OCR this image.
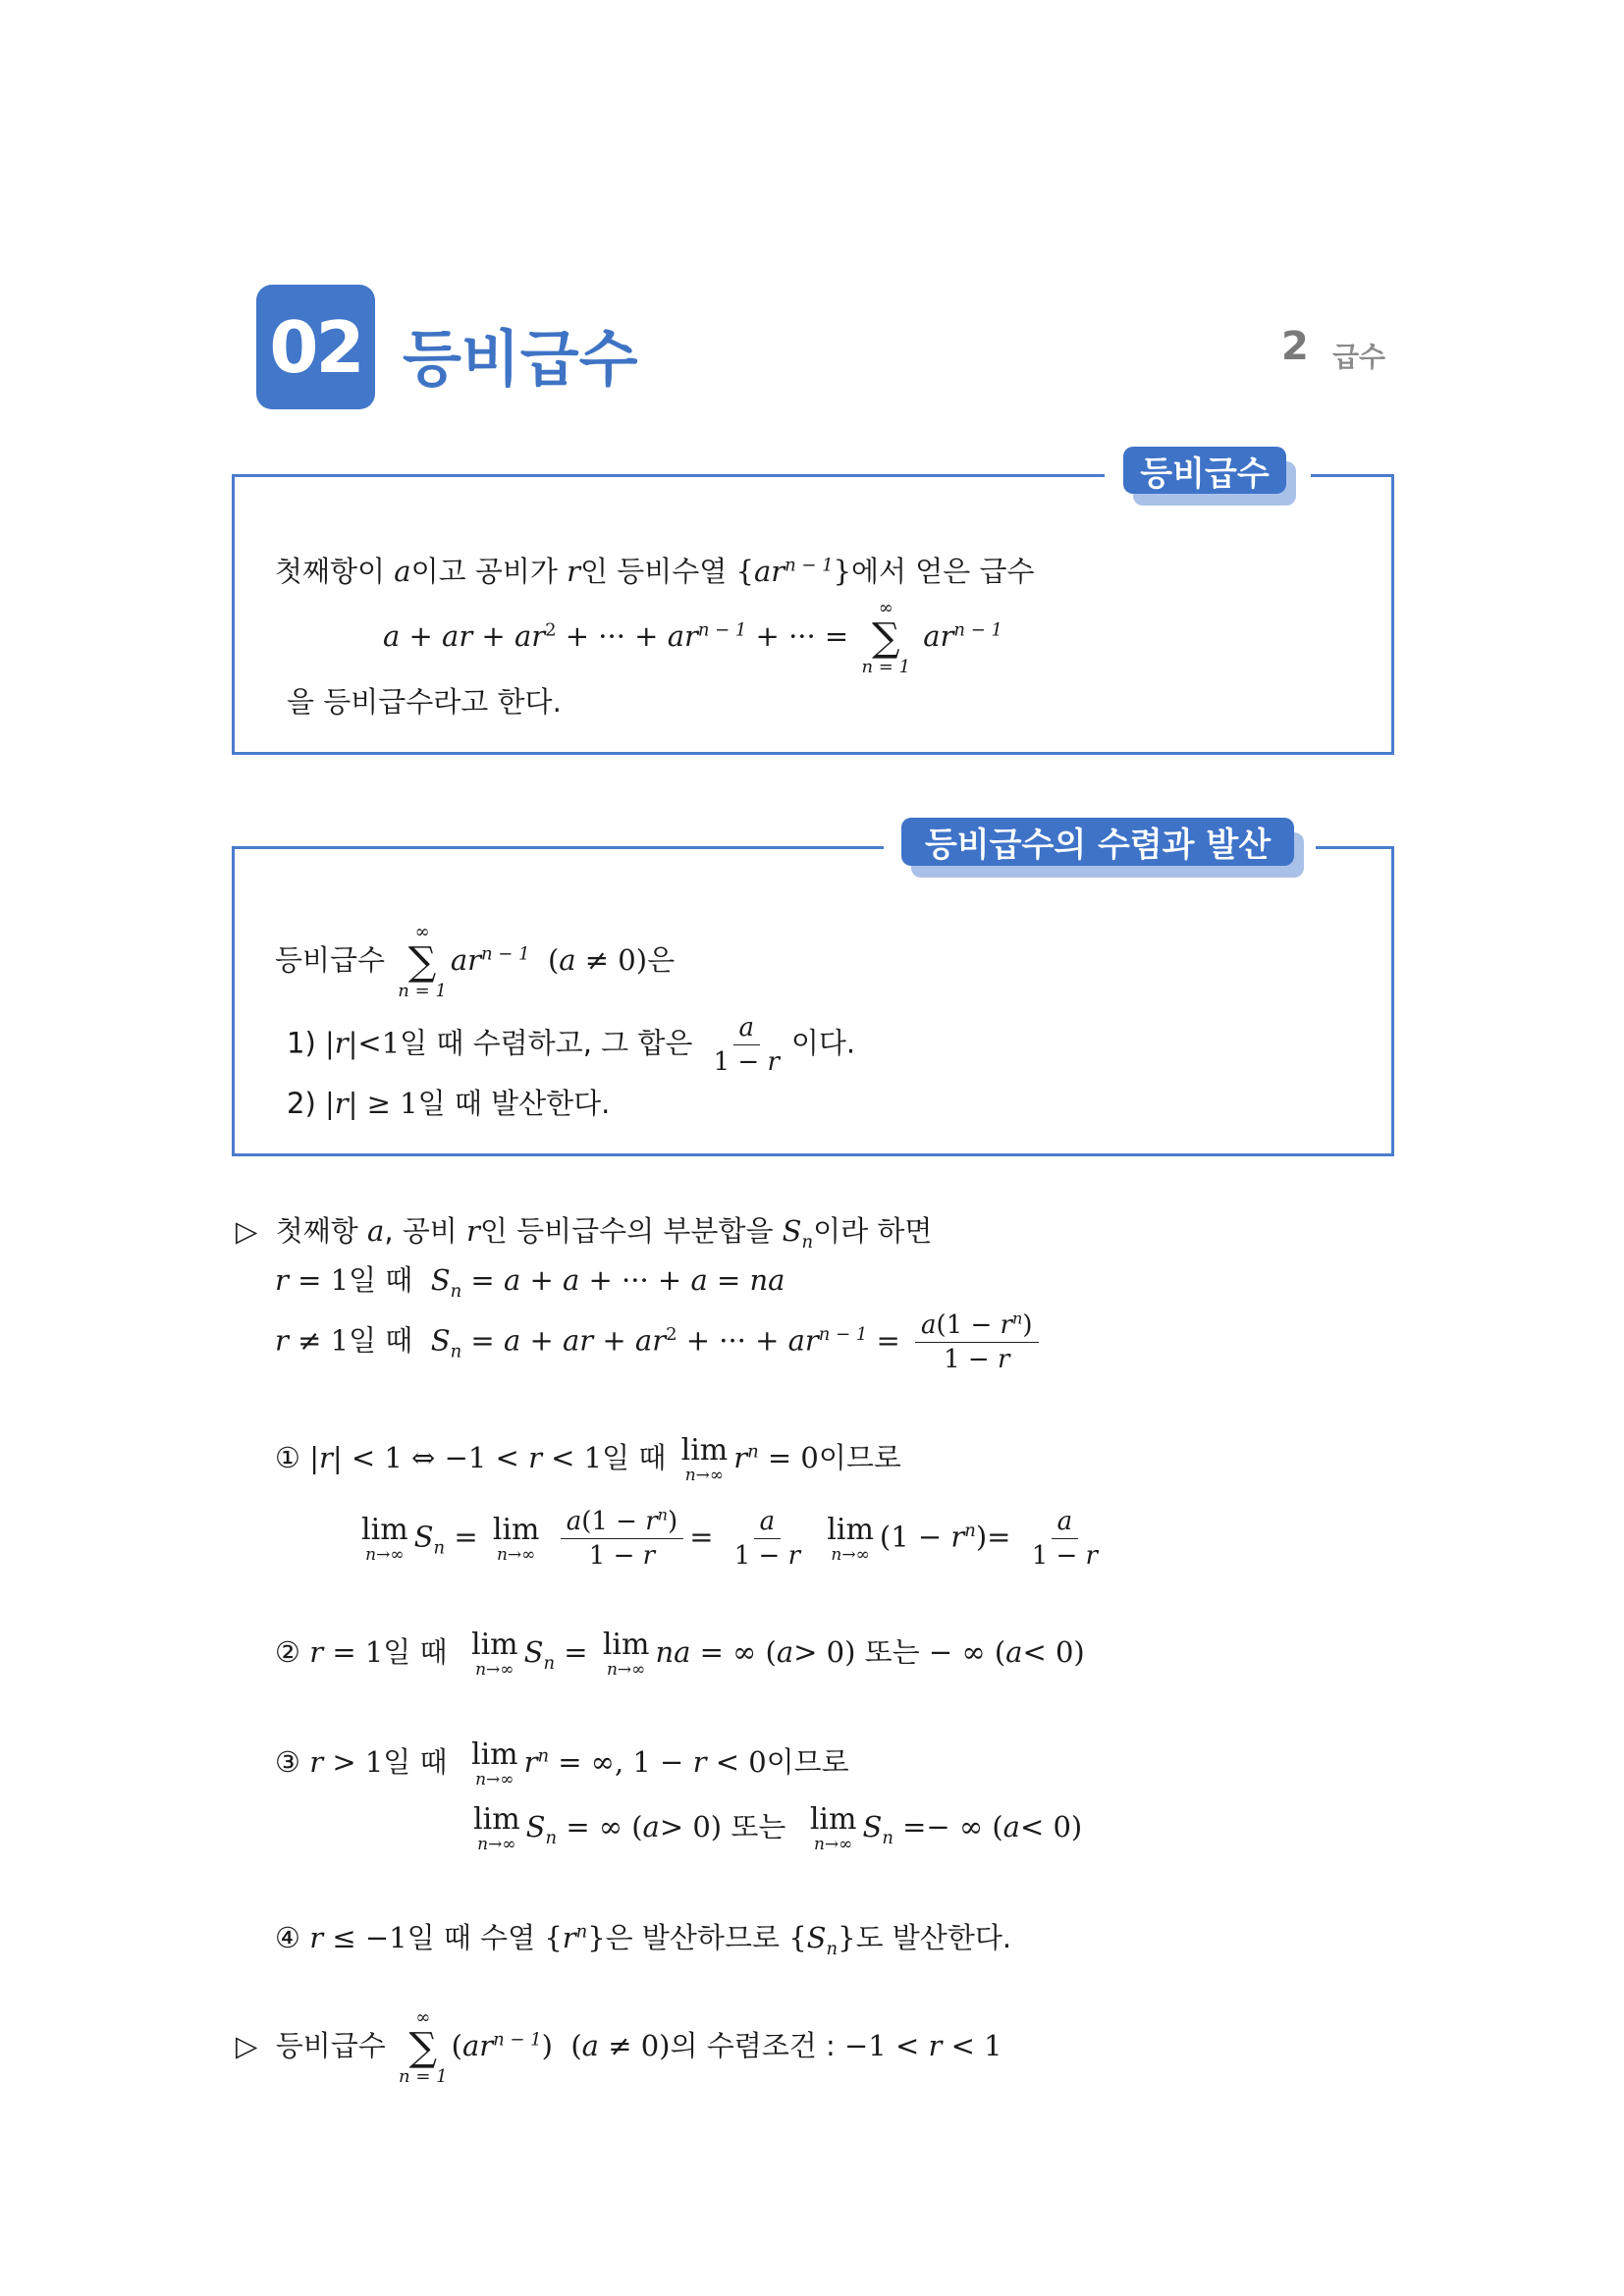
02 등비급수	2 급수
등비급수
첫째항이 a이고 공비가 r인 등비수열 $\{ar^{n - 1}\}$에서 얻은 급수
a + ar + $ar^2$ + ··· + $ar^{n - 1}$ + ··· =
∞
∑
n = 1
$ar^{n - 1}$
을 등비급수라고 한다.
등비급수의 수렴과 발산
등비급수
∞
∑
n = 1
$ar^{n - 1}$ (a ≠ 0)은
1) |r|<1일 때 수렴하고, 그 합은 $\frac{a}{1 - r}$ 이다.
2) |r| ≥ 1일 때 발산한다.
▷ 첫째항 a, 공비 r인 등비급수의 부분합을 $S_n$이라 하면
r = 1일 때 $S_n = a + a$ + ··· + a = na
r ≠ 1일 때 $S_n = a$ + ar + $ar^2$ + ··· + $ar^{n - 1} = \frac{a(1 - r^n)}{1 - r}$
① |r| < 1 ⇔ −1 < r < 1일 때 lim
n→∞
$r^n = 0$이므로
lim
n→∞
$S_n = \lim$
n→∞
$\frac{a(1 - r^n)}{1 - r} = \frac{a}{1 - r}$
lim
n→∞
$(1 - r^n)= \frac{a}{1 - r}$
② r = 1일 때 lim
n→∞
$S_n = \lim$
n→∞
na = ∞ (a> 0) 또는 − ∞ (a< 0)
③ r > 1일 때 lim
n→∞
$r^n$ = ∞, 1 − r < 0이므로
lim
n→∞
$S_n$ = ∞ (a> 0) 또는 lim
n→∞
$S_n$ =− ∞ (a< 0)
④ r ≤ −1일 때 수열 $\{r^n\}$은 발산하므로 $\{S_n\}$도 발산한다.
▷ 등비급수
∞
∑
n = 1
$(ar^{n - 1}) (a \ne 0)$의 수렴조건 : −1 < r < 1
